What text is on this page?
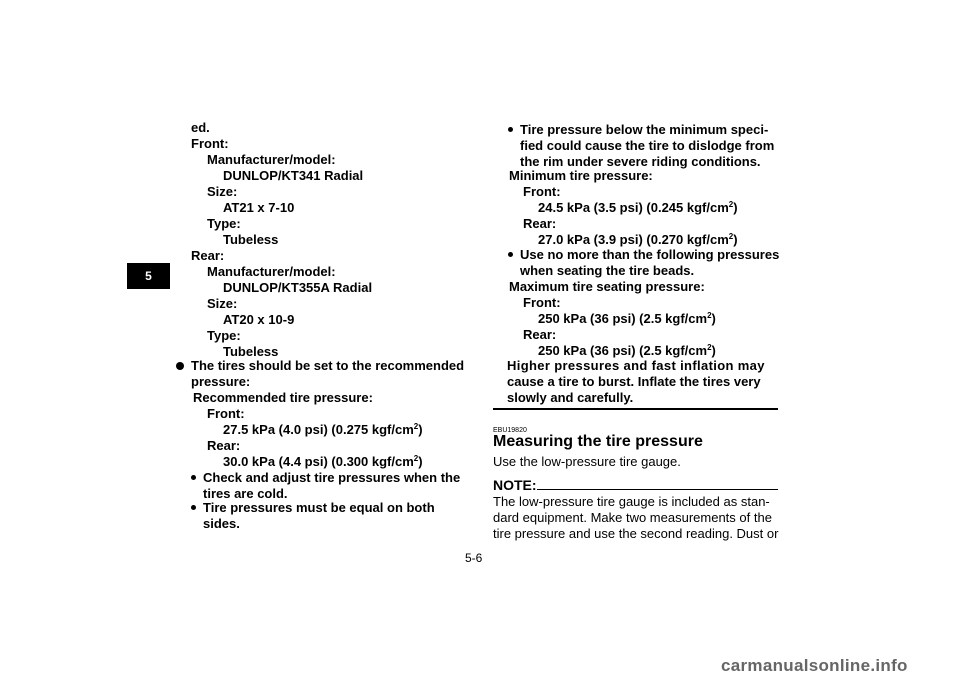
5
ed.
Front:
Manufacturer/model:
DUNLOP/KT341 Radial
Size:
AT21 x 7-10
Type:
Tubeless
Rear:
Manufacturer/model:
DUNLOP/KT355A Radial
Size:
AT20 x 10-9
Type:
Tubeless
The tires should be set to the recommended
pressure:
Recommended tire pressure:
Front:
27.5 kPa (4.0 psi) (0.275 kgf/$cm^2$)
Rear:
30.0 kPa (4.4 psi) (0.300 kgf/$cm^2$)
Check and adjust tire pressures when the
tires are cold.
Tire pressures must be equal on both
sides.
Tire pressure below the minimum speci-
fied could cause the tire to dislodge from
the rim under severe riding conditions.
Minimum tire pressure:
Front:
24.5 kPa (3.5 psi) (0.245 kgf/$cm^2$)
Rear:
27.0 kPa (3.9 psi) (0.270 kgf/$cm^2$)
Use no more than the following pressures
when seating the tire beads.
Maximum tire seating pressure:
Front:
250 kPa (36 psi) (2.5 kgf/$cm^2$)
Rear:
250 kPa (36 psi) (2.5 kgf/$cm^2$)
Higher pressures and fast inflation may
cause a tire to burst. Inflate the tires very
slowly and carefully.
EBU19820
Measuring the tire pressure
Use the low-pressure tire gauge.
NOTE:
The low-pressure tire gauge is included as stan-
dard equipment. Make two measurements of the
tire pressure and use the second reading. Dust or
5-6
carmanualsonline.info
